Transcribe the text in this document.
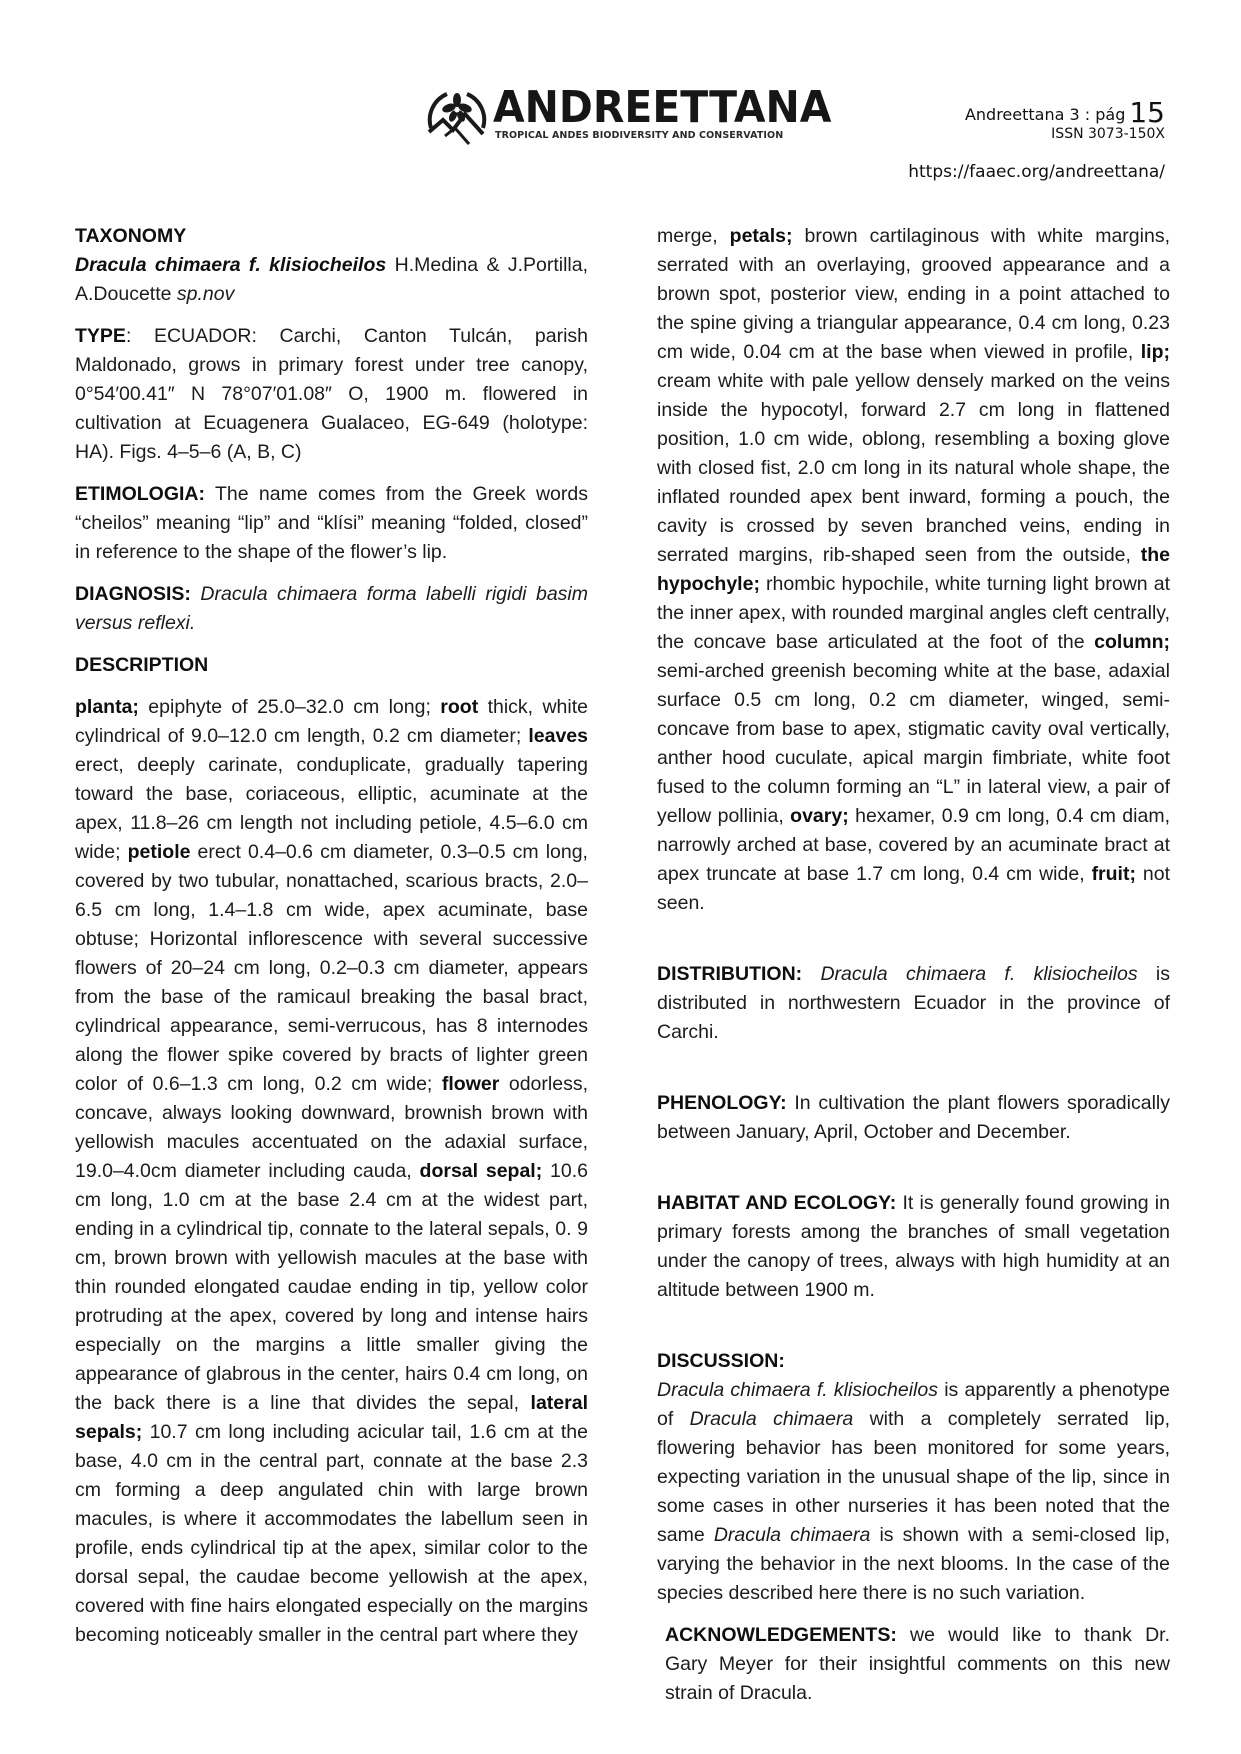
ANDREETTANA
TROPICAL ANDES BIODIVERSITY AND CONSERVATION
Andreettana 3 : pág 15
ISSN 3073-150X
https://faaec.org/andreettana/

TAXONOMY

Dracula chimaera f. klisiocheilos H.Medina & J.Portilla, A.Doucette sp.nov

TYPE: ECUADOR: Carchi, Canton Tulcán, parish Maldonado, grows in primary forest under tree canopy, 0°54′00.41″ N 78°07′01.08″ O, 1900 m. flowered in cultivation at Ecuagenera Gualaceo, EG-649 (holotype: HA). Figs. 4–5–6 (A, B, C)

ETIMOLOGIA: The name comes from the Greek words “cheilos” meaning “lip” and “klísi” meaning “folded, closed” in reference to the shape of the flower’s lip.

DIAGNOSIS: Dracula chimaera forma labelli rigidi basim versus reflexi.

DESCRIPTION

planta; epiphyte of 25.0–32.0 cm long; root thick, white cylindrical of 9.0–12.0 cm length, 0.2 cm diameter; leaves erect, deeply carinate, conduplicate, gradually tapering toward the base, coriaceous, elliptic, acuminate at the apex, 11.8–26 cm length not including petiole, 4.5–6.0 cm wide; petiole erect 0.4–0.6 cm diameter, 0.3–0.5 cm long, covered by two tubular, nonattached, scarious bracts, 2.0–6.5 cm long, 1.4–1.8 cm wide, apex acuminate, base obtuse; Horizontal inflorescence with several successive flowers of 20–24 cm long, 0.2–0.3 cm diameter, appears from the base of the ramicaul breaking the basal bract, cylindrical appearance, semi-verrucous, has 8 internodes along the flower spike covered by bracts of lighter green color of 0.6–1.3 cm long, 0.2 cm wide; flower odorless, concave, always looking downward, brownish brown with yellowish macules accentuated on the adaxial surface, 19.0–4.0cm diameter including cauda, dorsal sepal; 10.6 cm long, 1.0 cm at the base 2.4 cm at the widest part, ending in a cylindrical tip, connate to the lateral sepals, 0. 9 cm, brown brown with yellowish macules at the base with thin rounded elongated caudae ending in tip, yellow color protruding at the apex, covered by long and intense hairs especially on the margins a little smaller giving the appearance of glabrous in the center, hairs 0.4 cm long, on the back there is a line that divides the sepal, lateral sepals; 10.7 cm long including acicular tail, 1.6 cm at the base, 4.0 cm in the central part, connate at the base 2.3 cm forming a deep angulated chin with large brown macules, is where it accommodates the labellum seen in profile, ends cylindrical tip at the apex, similar color to the dorsal sepal, the caudae become yellowish at the apex, covered with fine hairs elongated especially on the margins becoming noticeably smaller in the central part where they

merge, petals; brown cartilaginous with white margins, serrated with an overlaying, grooved appearance and a brown spot, posterior view, ending in a point attached to the spine giving a triangular appearance, 0.4 cm long, 0.23 cm wide, 0.04 cm at the base when viewed in profile, lip; cream white with pale yellow densely marked on the veins inside the hypocotyl, forward 2.7 cm long in flattened position, 1.0 cm wide, oblong, resembling a boxing glove with closed fist, 2.0 cm long in its natural whole shape, the inflated rounded apex bent inward, forming a pouch, the cavity is crossed by seven branched veins, ending in serrated margins, rib-shaped seen from the outside, the hypochyle; rhombic hypochile, white turning light brown at the inner apex, with rounded marginal angles cleft centrally, the concave base articulated at the foot of the column; semi-arched greenish becoming white at the base, adaxial surface 0.5 cm long, 0.2 cm diameter, winged, semi-concave from base to apex, stigmatic cavity oval vertically, anther hood cuculate, apical margin fimbriate, white foot fused to the column forming an “L” in lateral view, a pair of yellow pollinia, ovary; hexamer, 0.9 cm long, 0.4 cm diam, narrowly arched at base, covered by an acuminate bract at apex truncate at base 1.7 cm long, 0.4 cm wide, fruit; not seen.

DISTRIBUTION: Dracula chimaera f. klisiocheilos is distributed in northwestern Ecuador in the province of Carchi.

PHENOLOGY: In cultivation the plant flowers sporadically between January, April, October and December.

HABITAT AND ECOLOGY: It is generally found growing in primary forests among the branches of small vegetation under the canopy of trees, always with high humidity at an altitude between 1900 m.

DISCUSSION:

Dracula chimaera f. klisiocheilos is apparently a phenotype of Dracula chimaera with a completely serrated lip, flowering behavior has been monitored for some years, expecting variation in the unusual shape of the lip, since in some cases in other nurseries it has been noted that the same Dracula chimaera is shown with a semi-closed lip, varying the behavior in the next blooms. In the case of the species described here there is no such variation.

ACKNOWLEDGEMENTS: we would like to thank Dr. Gary Meyer for their insightful comments on this new strain of Dracula.
